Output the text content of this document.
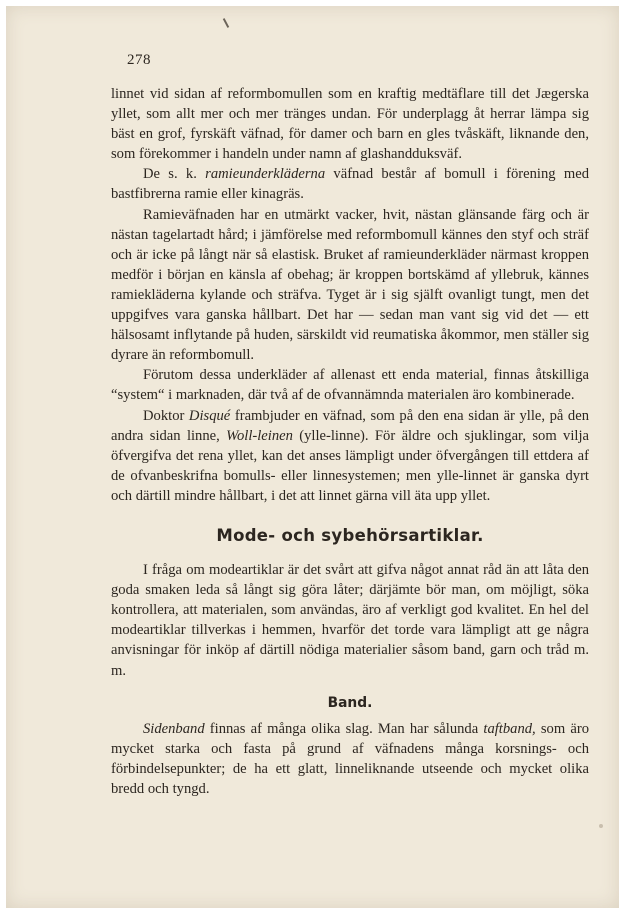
278

linnet vid sidan af reformbomullen som en kraftig medtäflare till det Jægerska yllet, som allt mer och mer tränges undan. För underplagg åt herrar lämpa sig bäst en grof, fyrskäft väfnad, för damer och barn en gles tvåskäft, liknande den, som förekommer i handeln under namn af glashandduksväf.

De s. k. ramieunderkläderna väfnad består af bomull i förening med bastfibrerna ramie eller kinagräs.

Ramieväfnaden har en utmärkt vacker, hvit, nästan glänsande färg och är nästan tagelartadt hård; i jämförelse med reformbomull kännes den styf och sträf och är icke på långt när så elastisk. Bruket af ramieunderkläder närmast kroppen medför i början en känsla af obehag; är kroppen bortskämd af yllebruk, kännes ramiekläderna kylande och sträfva. Tyget är i sig själft ovanligt tungt, men det uppgifves vara ganska hållbart. Det har — sedan man vant sig vid det — ett hälsosamt inflytande på huden, särskildt vid reumatiska åkommor, men ställer sig dyrare än reformbomull.

Förutom dessa underkläder af allenast ett enda material, finnas åtskilliga “system“ i marknaden, där två af de ofvannämnda materialen äro kombinerade.

Doktor Disqué frambjuder en väfnad, som på den ena sidan är ylle, på den andra sidan linne, Woll-leinen (ylle-linne). För äldre och sjuklingar, som vilja öfvergifva det rena yllet, kan det anses lämpligt under öfvergången till ettdera af de ofvanbeskrifna bomulls- eller linnesystemen; men ylle-linnet är ganska dyrt och därtill mindre hållbart, i det att linnet gärna vill äta upp yllet.

Mode- och sybehörsartiklar.

I fråga om modeartiklar är det svårt att gifva något annat råd än att låta den goda smaken leda så långt sig göra låter; därjämte bör man, om möjligt, söka kontrollera, att materialen, som användas, äro af verkligt god kvalitet. En hel del modeartiklar tillverkas i hemmen, hvarför det torde vara lämpligt att ge några anvisningar för inköp af därtill nödiga materialier såsom band, garn och tråd m. m.

Band.

Sidenband finnas af många olika slag. Man har sålunda taftband, som äro mycket starka och fasta på grund af väfnadens många korsnings- och förbindelsepunkter; de ha ett glatt, linneliknande utseende och mycket olika bredd och tyngd.
